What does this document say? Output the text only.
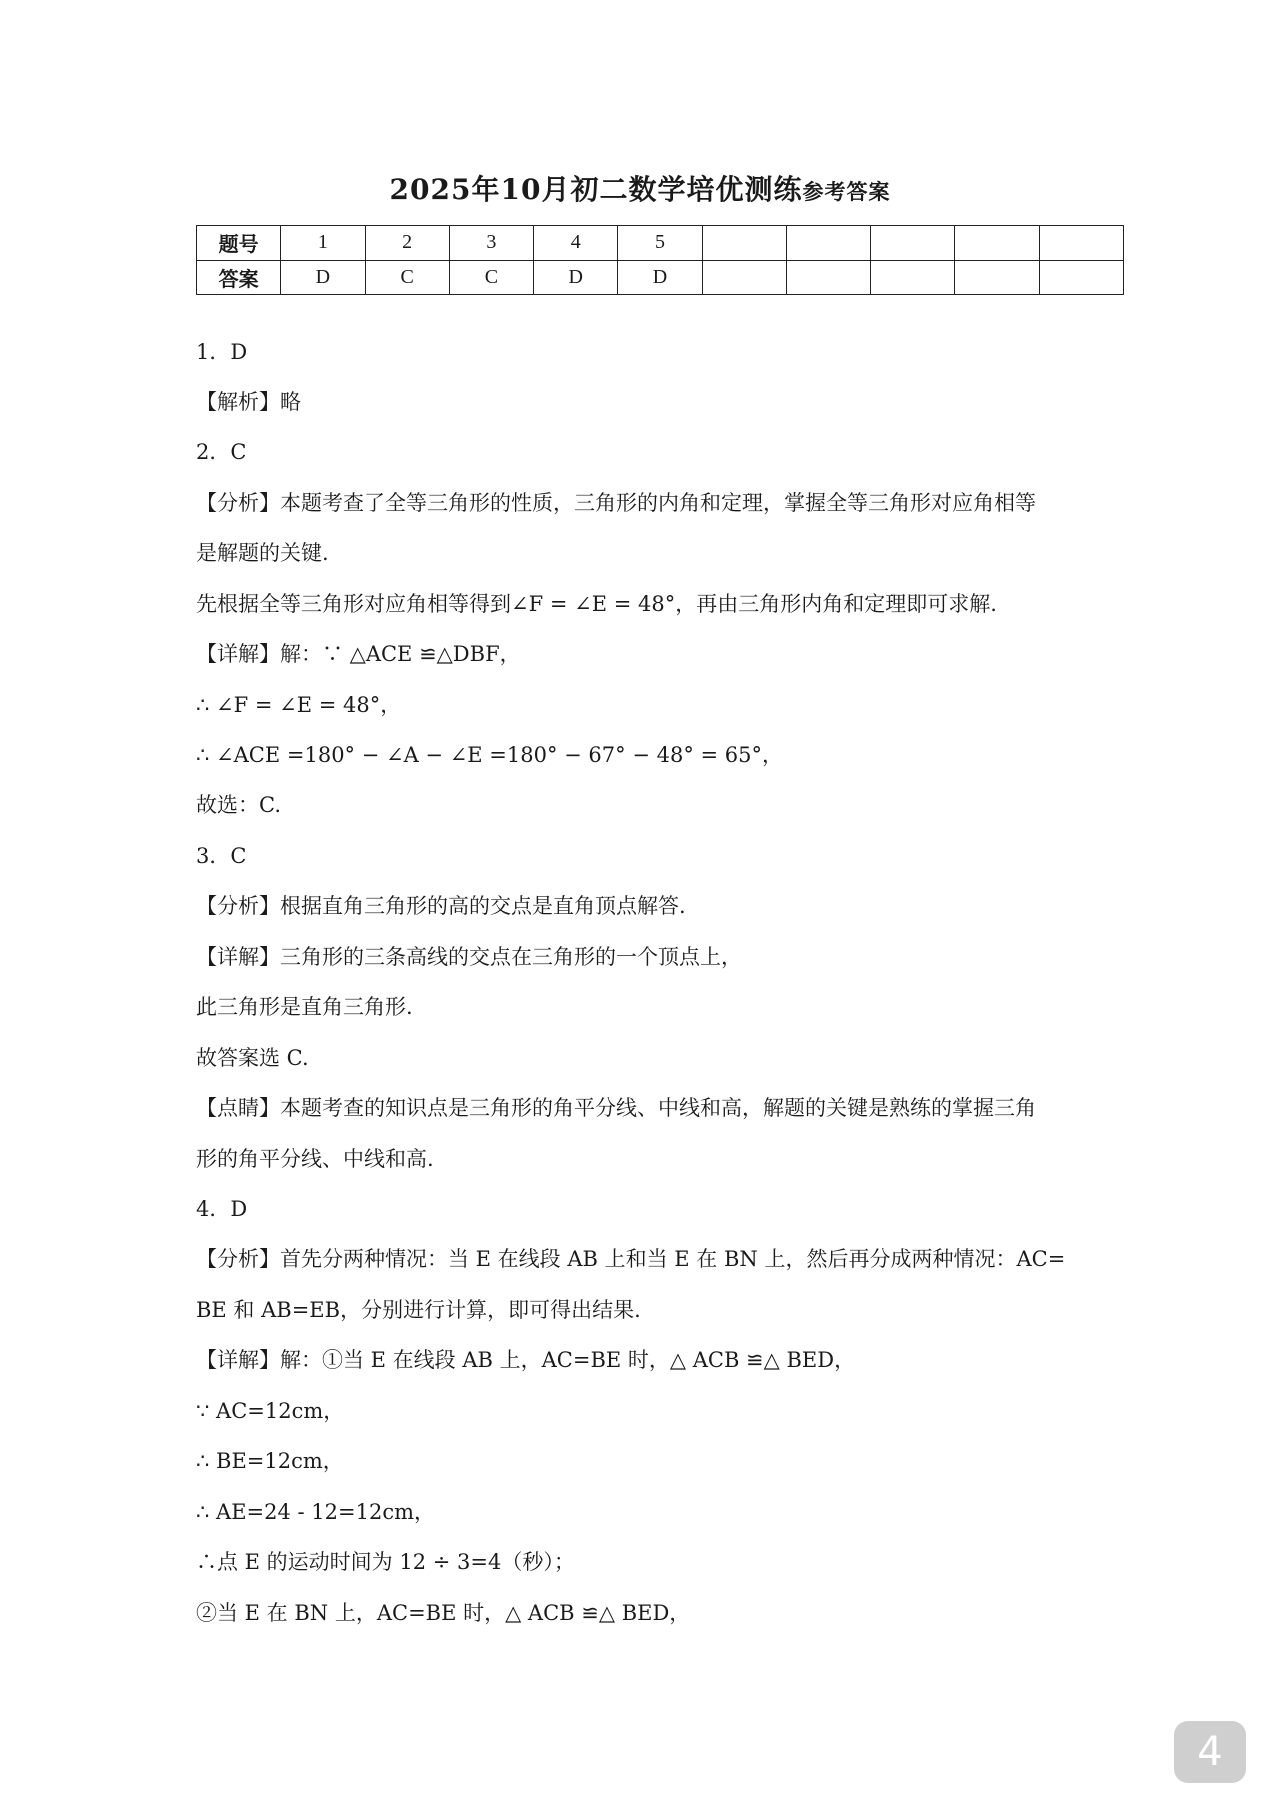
2025年10月初二数学培优测练参考答案
题号	1	2	3	4	5					
答案	D	C	C	D	D					
1．D
【解析】略
2．C
【分析】本题考查了全等三角形的性质，三角形的内角和定理，掌握全等三角形对应角相等
是解题的关键.
先根据全等三角形对应角相等得到∠F = ∠E = 48°，再由三角形内角和定理即可求解.
【详解】解：∵ △ACE ≌△DBF，
∴ ∠F = ∠E = 48°，
∴ ∠ACE =180° − ∠A − ∠E =180° − 67° − 48° = 65°，
故选：C.
3．C
【分析】根据直角三角形的高的交点是直角顶点解答.
【详解】三角形的三条高线的交点在三角形的一个顶点上，
此三角形是直角三角形.
故答案选 C.
【点睛】本题考查的知识点是三角形的角平分线、中线和高，解题的关键是熟练的掌握三角
形的角平分线、中线和高.
4．D
【分析】首先分两种情况：当 E 在线段 AB 上和当 E 在 BN 上，然后再分成两种情况：AC=
BE 和 AB=EB，分别进行计算，即可得出结果.
【详解】解：①当 E 在线段 AB 上，AC=BE 时，△ ACB ≌△ BED，
∵ AC=12cm，
∴ BE=12cm，
∴ AE=24 - 12=12cm，
∴点 E 的运动时间为 12 ÷ 3=4（秒）；
②当 E 在 BN 上，AC=BE 时，△ ACB ≌△ BED，
4
